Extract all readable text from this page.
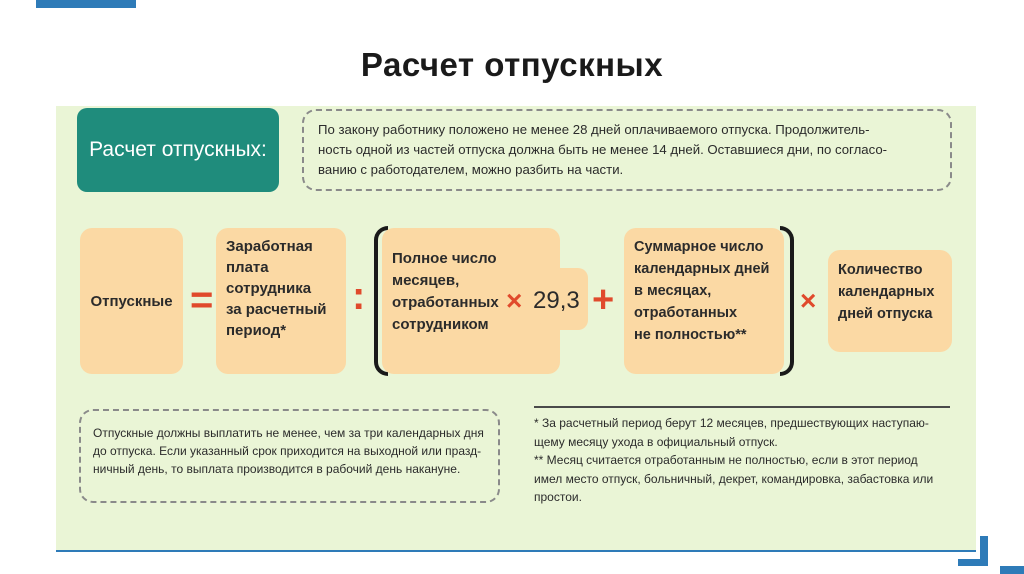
Расчет отпускных
Расчет отпускных:
По закону работнику положено не менее 28 дней оплачиваемого отпуска. Продолжитель-
ность одной из частей отпуска должна быть не менее 14 дней. Оставшиеся дни, по согласо-
ванию с работодателем, можно разбить на части.
Отпускные =
Заработная
плата
сотрудника
за расчетный
период*
:
Полное число
месяцев,
отработанных
сотрудником
× 29,3 +
Суммарное число
календарных дней
в месяцах,
отработанных
не полностью**
×
Количество
календарных
дней отпуска
Отпускные должны выплатить не менее, чем за три календарных дня
до отпуска. Если указанный срок приходится на выходной или празд-
ничный день, то выплата производится в рабочий день накануне.
* За расчетный период берут 12 месяцев, предшествующих наступаю-
щему месяцу ухода в официальный отпуск.
** Месяц считается отработанным не полностью, если в этот период
имел место отпуск, больничный, декрет, командировка, забастовка или
простои.
